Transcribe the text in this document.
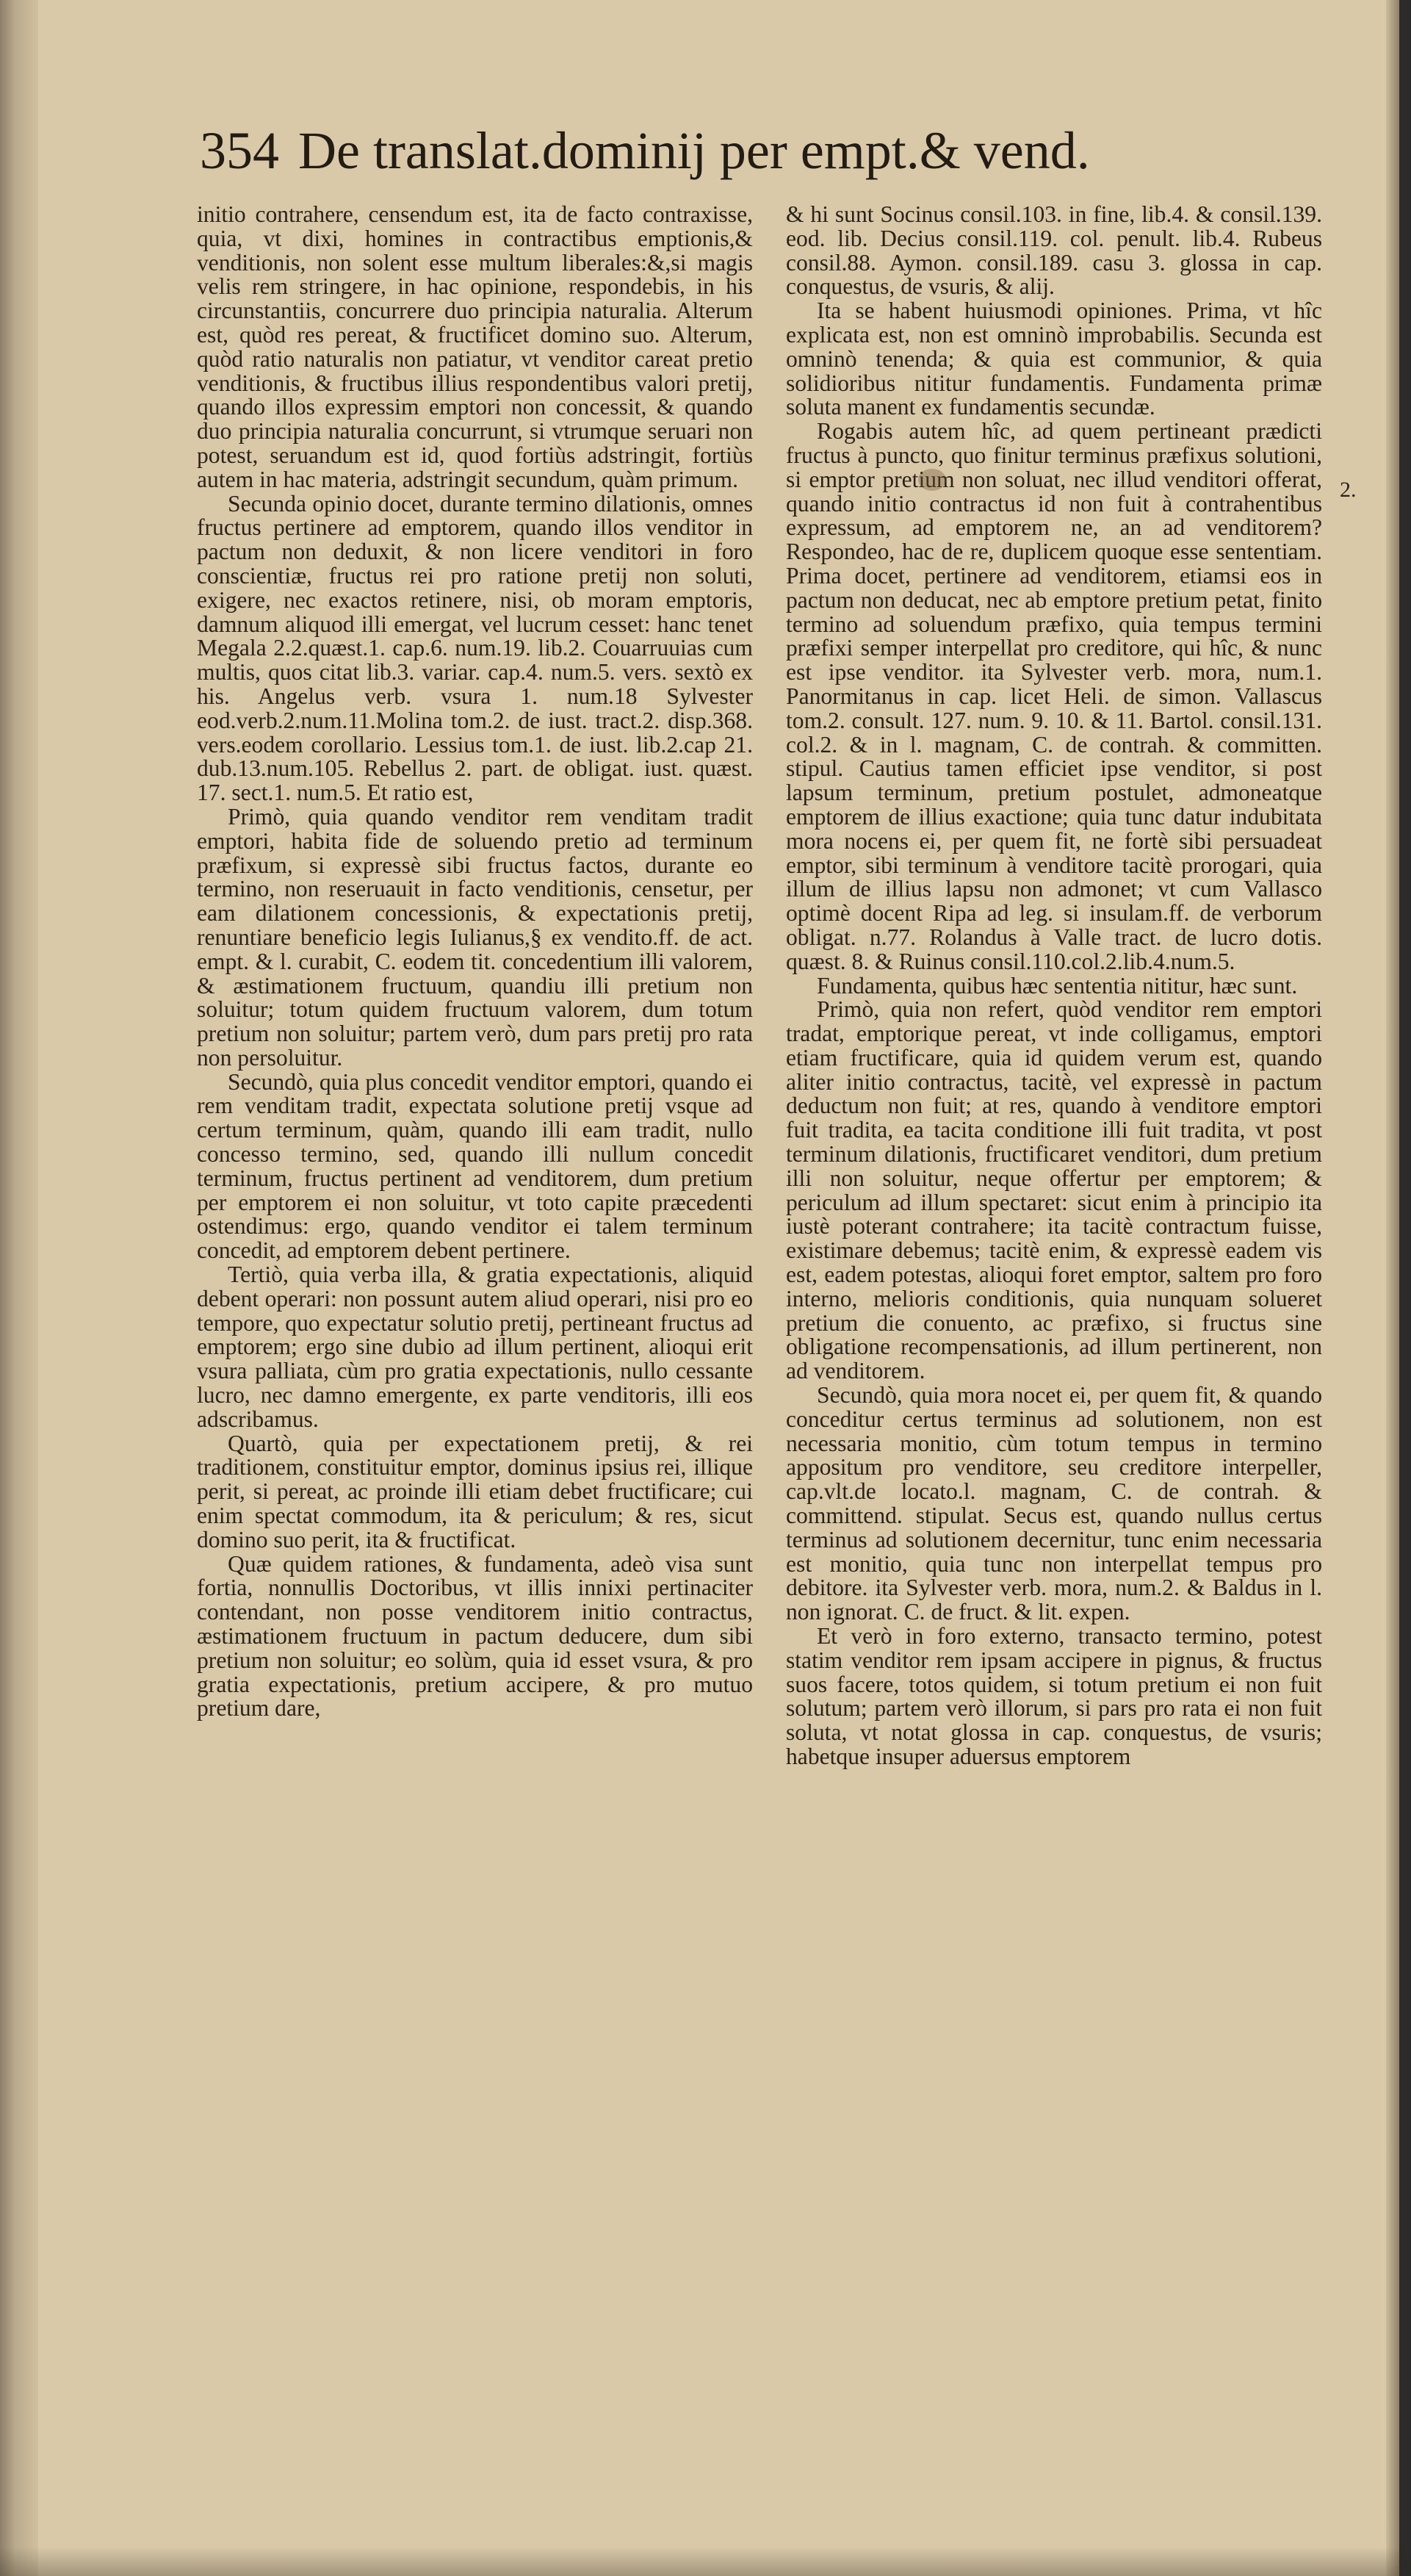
354 De translat.dominij per empt.& vend.

initio contrahere, censendum est, ita de facto contraxisse, quia, vt dixi, homines in contractibus emptionis,& venditionis, non solent esse multum liberales:&,si magis velis rem stringere, in hac opinione, respondebis, in his circunstantiis, concurrere duo principia naturalia. Alterum est, quòd res pereat, & fructificet domino suo. Alterum, quòd ratio naturalis non patiatur, vt venditor careat pretio venditionis, & fructibus illius respondentibus valori pretij, quando illos expressim emptori non concessit, & quando duo principia naturalia concurrunt, si vtrumque seruari non potest, seruandum est id, quod fortiùs adstringit, fortiùs autem in hac materia, adstringit secundum, quàm primum.

Secunda opinio docet, durante termino dilationis, omnes fructus pertinere ad emptorem, quando illos venditor in pactum non deduxit, & non licere venditori in foro conscientiæ, fructus rei pro ratione pretij non soluti, exigere, nec exactos retinere, nisi, ob moram emptoris, damnum aliquod illi emergat, vel lucrum cesset: hanc tenet Megala 2.2.quæst.1. cap.6. num.19. lib.2. Couarruuias cum multis, quos citat lib.3. variar. cap.4. num.5. vers. sextò ex his. Angelus verb. vsura 1. num.18 Sylvester eod.verb.2.num.11.Molina tom.2. de iust. tract.2. disp.368. vers.eodem corollario. Lessius tom.1. de iust. lib.2.cap 21. dub.13.num.105. Rebellus 2. part. de obligat. iust. quæst. 17. sect.1. num.5. Et ratio est,

Primò, quia quando venditor rem venditam tradit emptori, habita fide de soluendo pretio ad terminum præfixum, si expressè sibi fructus factos, durante eo termino, non reseruauit in facto venditionis, censetur, per eam dilationem concessionis, & expectationis pretij, renuntiare beneficio legis Iulianus,§ ex vendito.ff. de act. empt. & l. curabit, C. eodem tit. concedentium illi valorem, & æstimationem fructuum, quandiu illi pretium non soluitur; totum quidem fructuum valorem, dum totum pretium non soluitur; partem verò, dum pars pretij pro rata non persoluitur.

Secundò, quia plus concedit venditor emptori, quando ei rem venditam tradit, expectata solutione pretij vsque ad certum terminum, quàm, quando illi eam tradit, nullo concesso termino, sed, quando illi nullum concedit terminum, fructus pertinent ad venditorem, dum pretium per emptorem ei non soluitur, vt toto capite præcedenti ostendimus: ergo, quando venditor ei talem terminum concedit, ad emptorem debent pertinere.

Tertiò, quia verba illa, & gratia expectationis, aliquid debent operari: non possunt autem aliud operari, nisi pro eo tempore, quo expectatur solutio pretij, pertineant fructus ad emptorem; ergo sine dubio ad illum pertinent, alioqui erit vsura palliata, cùm pro gratia expectationis, nullo cessante lucro, nec damno emergente, ex parte venditoris, illi eos adscribamus.

Quartò, quia per expectationem pretij, & rei traditionem, constituitur emptor, dominus ipsius rei, illique perit, si pereat, ac proinde illi etiam debet fructificare; cui enim spectat commodum, ita & periculum; & res, sicut domino suo perit, ita & fructificat.

Quæ quidem rationes, & fundamenta, adeò visa sunt fortia, nonnullis Doctoribus, vt illis innixi pertinaciter contendant, non posse venditorem initio contractus, æstimationem fructuum in pactum deducere, dum sibi pretium non soluitur; eo solùm, quia id esset vsura, & pro gratia expectationis, pretium accipere, & pro mutuo pretium dare,

& hi sunt Socinus consil.103. in fine, lib.4. & consil.139. eod. lib. Decius consil.119. col. penult. lib.4. Rubeus consil.88. Aymon. consil.189. casu 3. glossa in cap. conquestus, de vsuris, & alij.

Ita se habent huiusmodi opiniones. Prima, vt hîc explicata est, non est omninò improbabilis. Secunda est omninò tenenda; & quia est communior, & quia solidioribus nititur fundamentis. Fundamenta primæ soluta manent ex fundamentis secundæ.

Rogabis autem hîc, ad quem pertineant prædicti fructus à puncto, quo finitur terminus præfixus solutioni, si emptor pretium non soluat, nec illud venditori offerat, quando initio contractus id non fuit à contrahentibus expressum, ad emptorem ne, an ad venditorem? Respondeo, hac de re, duplicem quoque esse sententiam. Prima docet, pertinere ad venditorem, etiamsi eos in pactum non deducat, nec ab emptore pretium petat, finito termino ad soluendum præfixo, quia tempus termini præfixi semper interpellat pro creditore, qui hîc, & nunc est ipse venditor. ita Sylvester verb. mora, num.1. Panormitanus in cap. licet Heli. de simon. Vallascus tom.2. consult. 127. num. 9. 10. & 11. Bartol. consil.131. col.2. & in l. magnam, C. de contrah. & committen. stipul. Cautius tamen efficiet ipse venditor, si post lapsum terminum, pretium postulet, admoneatque emptorem de illius exactione; quia tunc datur indubitata mora nocens ei, per quem fit, ne fortè sibi persuadeat emptor, sibi terminum à venditore tacitè prorogari, quia illum de illius lapsu non admonet; vt cum Vallasco optimè docent Ripa ad leg. si insulam.ff. de verborum obligat. n.77. Rolandus à Valle tract. de lucro dotis. quæst. 8. & Ruinus consil.110.col.2.lib.4.num.5.

Fundamenta, quibus hæc sententia nititur, hæc sunt.

Primò, quia non refert, quòd venditor rem emptori tradat, emptorique pereat, vt inde colligamus, emptori etiam fructificare, quia id quidem verum est, quando aliter initio contractus, tacitè, vel expressè in pactum deductum non fuit; at res, quando à venditore emptori fuit tradita, ea tacita conditione illi fuit tradita, vt post terminum dilationis, fructificaret venditori, dum pretium illi non soluitur, neque offertur per emptorem; & periculum ad illum spectaret: sicut enim à principio ita iustè poterant contrahere; ita tacitè contractum fuisse, existimare debemus; tacitè enim, & expressè eadem vis est, eadem potestas, alioqui foret emptor, saltem pro foro interno, melioris conditionis, quia nunquam solueret pretium die conuento, ac præfixo, si fructus sine obligatione recompensationis, ad illum pertinerent, non ad venditorem.

Secundò, quia mora nocet ei, per quem fit, & quando conceditur certus terminus ad solutionem, non est necessaria monitio, cùm totum tempus in termino appositum pro venditore, seu creditore interpeller, cap.vlt.de locato.l. magnam, C. de contrah. & committend. stipulat. Secus est, quando nullus certus terminus ad solutionem decernitur, tunc enim necessaria est monitio, quia tunc non interpellat tempus pro debitore. ita Sylvester verb. mora, num.2. & Baldus in l. non ignorat. C. de fruct. & lit. expen.

Et verò in foro externo, transacto termino, potest statim venditor rem ipsam accipere in pignus, & fructus suos facere, totos quidem, si totum pretium ei non fuit solutum; partem verò illorum, si pars pro rata ei non fuit soluta, vt notat glossa in cap. conquestus, de vsuris; habetque insuper aduersus emptorem

2.
